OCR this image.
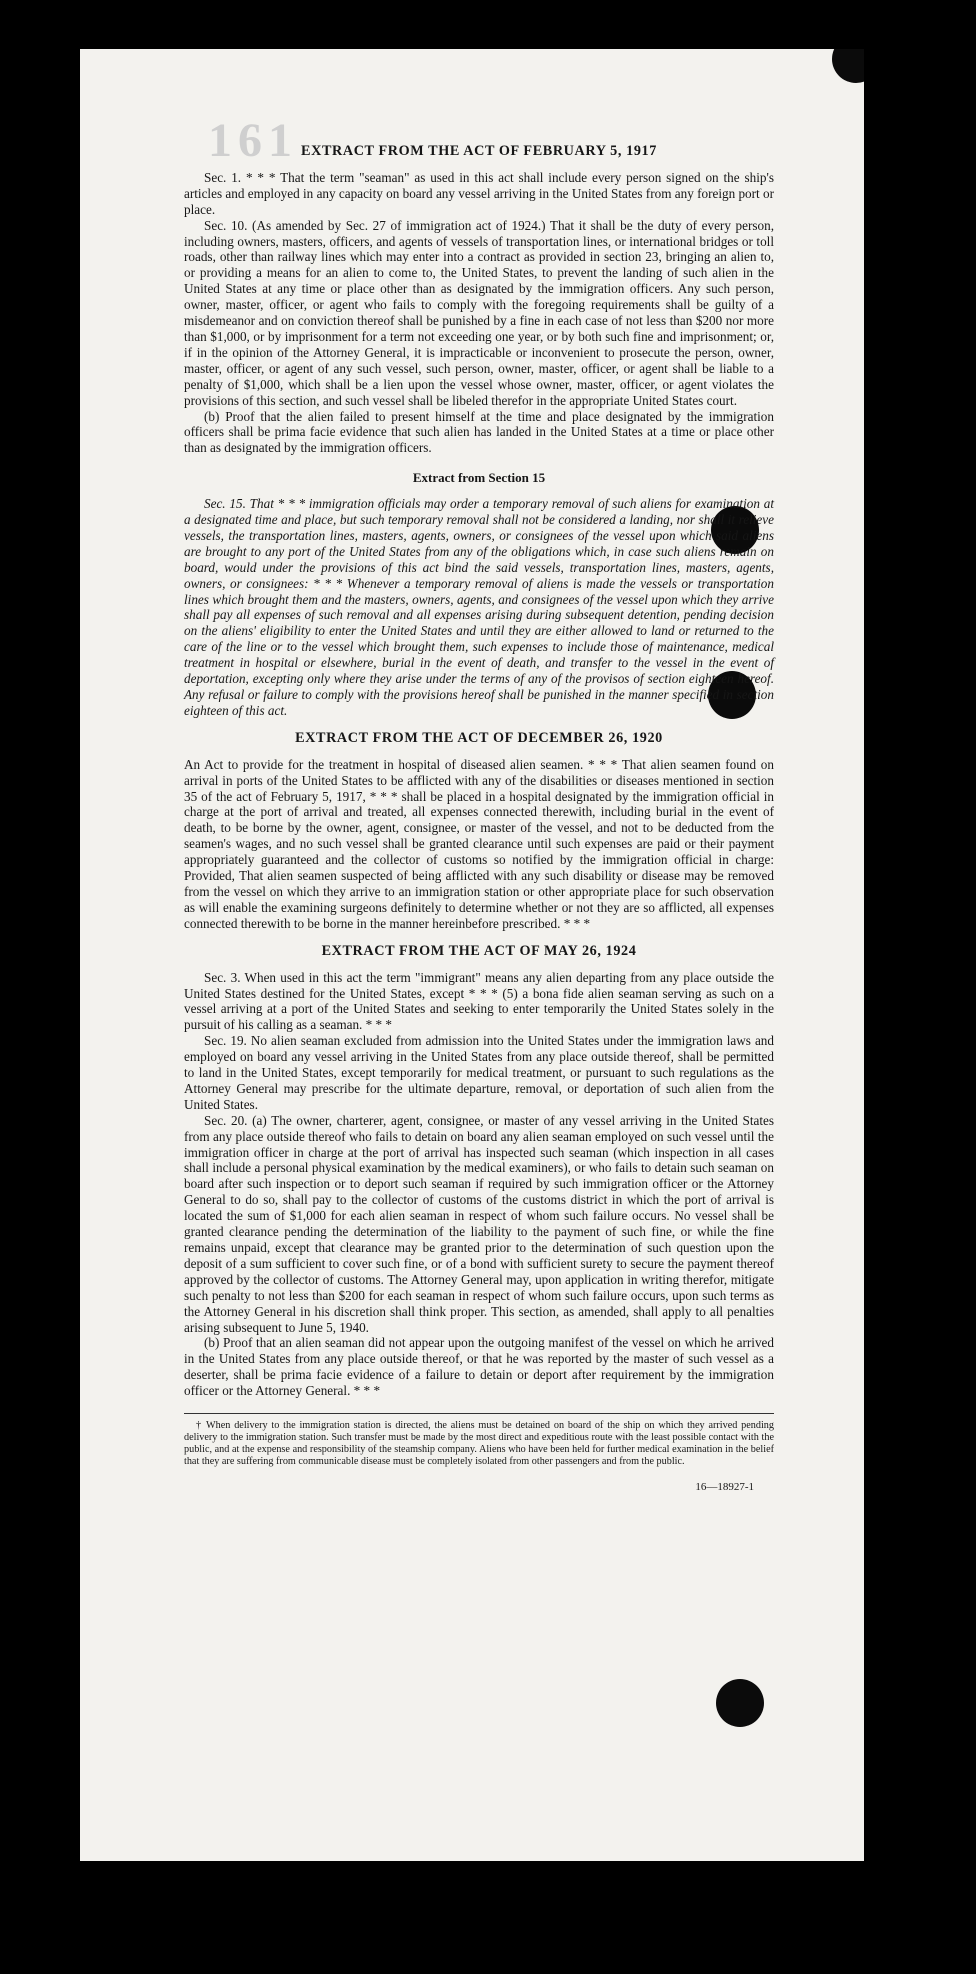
161 EXTRACT FROM THE ACT OF FEBRUARY 5, 1917

Sec. 1. * * * That the term "seaman" as used in this act shall include every person signed on the ship's articles and employed in any capacity on board any vessel arriving in the United States from any foreign port or place.

Sec. 10. (As amended by Sec. 27 of immigration act of 1924.) That it shall be the duty of every person, including owners, masters, officers, and agents of vessels of transportation lines, or international bridges or toll roads, other than railway lines which may enter into a contract as provided in section 23, bringing an alien to, or providing a means for an alien to come to, the United States, to prevent the landing of such alien in the United States at any time or place other than as designated by the immigration officers. Any such person, owner, master, officer, or agent who fails to comply with the foregoing requirements shall be guilty of a misdemeanor and on conviction thereof shall be punished by a fine in each case of not less than $200 nor more than $1,000, or by imprisonment for a term not exceeding one year, or by both such fine and imprisonment; or, if in the opinion of the Attorney General, it is impracticable or inconvenient to prosecute the person, owner, master, officer, or agent of any such vessel, such person, owner, master, officer, or agent shall be liable to a penalty of $1,000, which shall be a lien upon the vessel whose owner, master, officer, or agent violates the provisions of this section, and such vessel shall be libeled therefor in the appropriate United States court.

(b) Proof that the alien failed to present himself at the time and place designated by the immigration officers shall be prima facie evidence that such alien has landed in the United States at a time or place other than as designated by the immigration officers.

Extract from Section 15

Sec. 15. That * * * immigration officials may order a temporary removal of such aliens for examination at a designated time and place, but such temporary removal shall not be considered a landing, nor shall it relieve vessels, the transportation lines, masters, agents, owners, or consignees of the vessel upon which said aliens are brought to any port of the United States from any of the obligations which, in case such aliens remain on board, would under the provisions of this act bind the said vessels, transportation lines, masters, agents, owners, or consignees: * * * Whenever a temporary removal of aliens is made the vessels or transportation lines which brought them and the masters, owners, agents, and consignees of the vessel upon which they arrive shall pay all expenses of such removal and all expenses arising during subsequent detention, pending decision on the aliens' eligibility to enter the United States and until they are either allowed to land or returned to the care of the line or to the vessel which brought them, such expenses to include those of maintenance, medical treatment in hospital or elsewhere, burial in the event of death, and transfer to the vessel in the event of deportation, excepting only where they arise under the terms of any of the provisos of section eighteen hereof. Any refusal or failure to comply with the provisions hereof shall be punished in the manner specified in section eighteen of this act.

EXTRACT FROM THE ACT OF DECEMBER 26, 1920

An Act to provide for the treatment in hospital of diseased alien seamen. * * * That alien seamen found on arrival in ports of the United States to be afflicted with any of the disabilities or diseases mentioned in section 35 of the act of February 5, 1917, * * * shall be placed in a hospital designated by the immigration official in charge at the port of arrival and treated, all expenses connected therewith, including burial in the event of death, to be borne by the owner, agent, consignee, or master of the vessel, and not to be deducted from the seamen's wages, and no such vessel shall be granted clearance until such expenses are paid or their payment appropriately guaranteed and the collector of customs so notified by the immigration official in charge: Provided, That alien seamen suspected of being afflicted with any such disability or disease may be removed from the vessel on which they arrive to an immigration station or other appropriate place for such observation as will enable the examining surgeons definitely to determine whether or not they are so afflicted, all expenses connected therewith to be borne in the manner hereinbefore prescribed. * * *

EXTRACT FROM THE ACT OF MAY 26, 1924

Sec. 3. When used in this act the term "immigrant" means any alien departing from any place outside the United States destined for the United States, except * * * (5) a bona fide alien seaman serving as such on a vessel arriving at a port of the United States and seeking to enter temporarily the United States solely in the pursuit of his calling as a seaman. * * *

Sec. 19. No alien seaman excluded from admission into the United States under the immigration laws and employed on board any vessel arriving in the United States from any place outside thereof, shall be permitted to land in the United States, except temporarily for medical treatment, or pursuant to such regulations as the Attorney General may prescribe for the ultimate departure, removal, or deportation of such alien from the United States.

Sec. 20. (a) The owner, charterer, agent, consignee, or master of any vessel arriving in the United States from any place outside thereof who fails to detain on board any alien seaman employed on such vessel until the immigration officer in charge at the port of arrival has inspected such seaman (which inspection in all cases shall include a personal physical examination by the medical examiners), or who fails to detain such seaman on board after such inspection or to deport such seaman if required by such immigration officer or the Attorney General to do so, shall pay to the collector of customs of the customs district in which the port of arrival is located the sum of $1,000 for each alien seaman in respect of whom such failure occurs. No vessel shall be granted clearance pending the determination of the liability to the payment of such fine, or while the fine remains unpaid, except that clearance may be granted prior to the determination of such question upon the deposit of a sum sufficient to cover such fine, or of a bond with sufficient surety to secure the payment thereof approved by the collector of customs. The Attorney General may, upon application in writing therefor, mitigate such penalty to not less than $200 for each seaman in respect of whom such failure occurs, upon such terms as the Attorney General in his discretion shall think proper. This section, as amended, shall apply to all penalties arising subsequent to June 5, 1940.

(b) Proof that an alien seaman did not appear upon the outgoing manifest of the vessel on which he arrived in the United States from any place outside thereof, or that he was reported by the master of such vessel as a deserter, shall be prima facie evidence of a failure to detain or deport after requirement by the immigration officer or the Attorney General. * * *

† When delivery to the immigration station is directed, the aliens must be detained on board of the ship on which they arrived pending delivery to the immigration station. Such transfer must be made by the most direct and expeditious route with the least possible contact with the public, and at the expense and responsibility of the steamship company. Aliens who have been held for further medical examination in the belief that they are suffering from communicable disease must be completely isolated from other passengers and from the public.

16—18927-1
